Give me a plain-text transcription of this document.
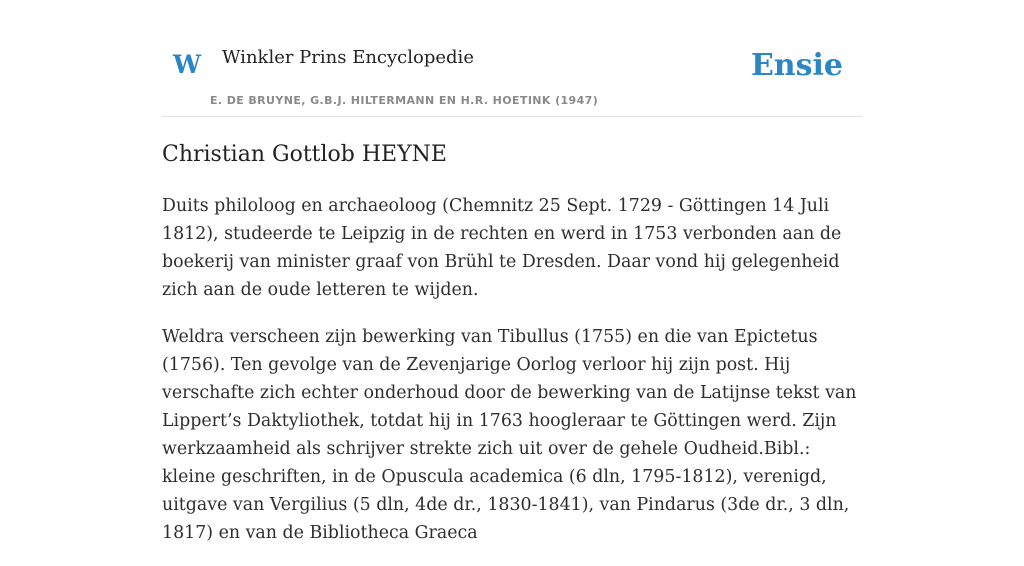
W Winkler Prins Encyclopedie
E. DE BRUYNE, G.B.J. HILTERMANN EN H.R. HOETINK (1947)
Ensie
Christian Gottlob HEYNE

Duits philoloog en archaeoloog (Chemnitz 25 Sept. 1729 - Göttingen 14 Juli 1812), studeerde te Leipzig in de rechten en werd in 1753 verbonden aan de boekerij van minister graaf von Brühl te Dresden. Daar vond hij gelegenheid zich aan de oude letteren te wijden.

Weldra verscheen zijn bewerking van Tibullus (1755) en die van Epictetus (1756). Ten gevolge van de Zevenjarige Oorlog verloor hij zijn post. Hij verschafte zich echter onderhoud door de bewerking van de Latijnse tekst van Lippert’s Daktyliothek, totdat hij in 1763 hoogleraar te Göttingen werd. Zijn werkzaamheid als schrijver strekte zich uit over de gehele Oudheid.Bibl.: kleine geschriften, in de Opuscula academica (6 dln, 1795-1812), verenigd, uitgave van Vergilius (5 dln, 4de dr., 1830-1841), van Pindarus (3de dr., 3 dln, 1817) en van de Bibliotheca Graeca
